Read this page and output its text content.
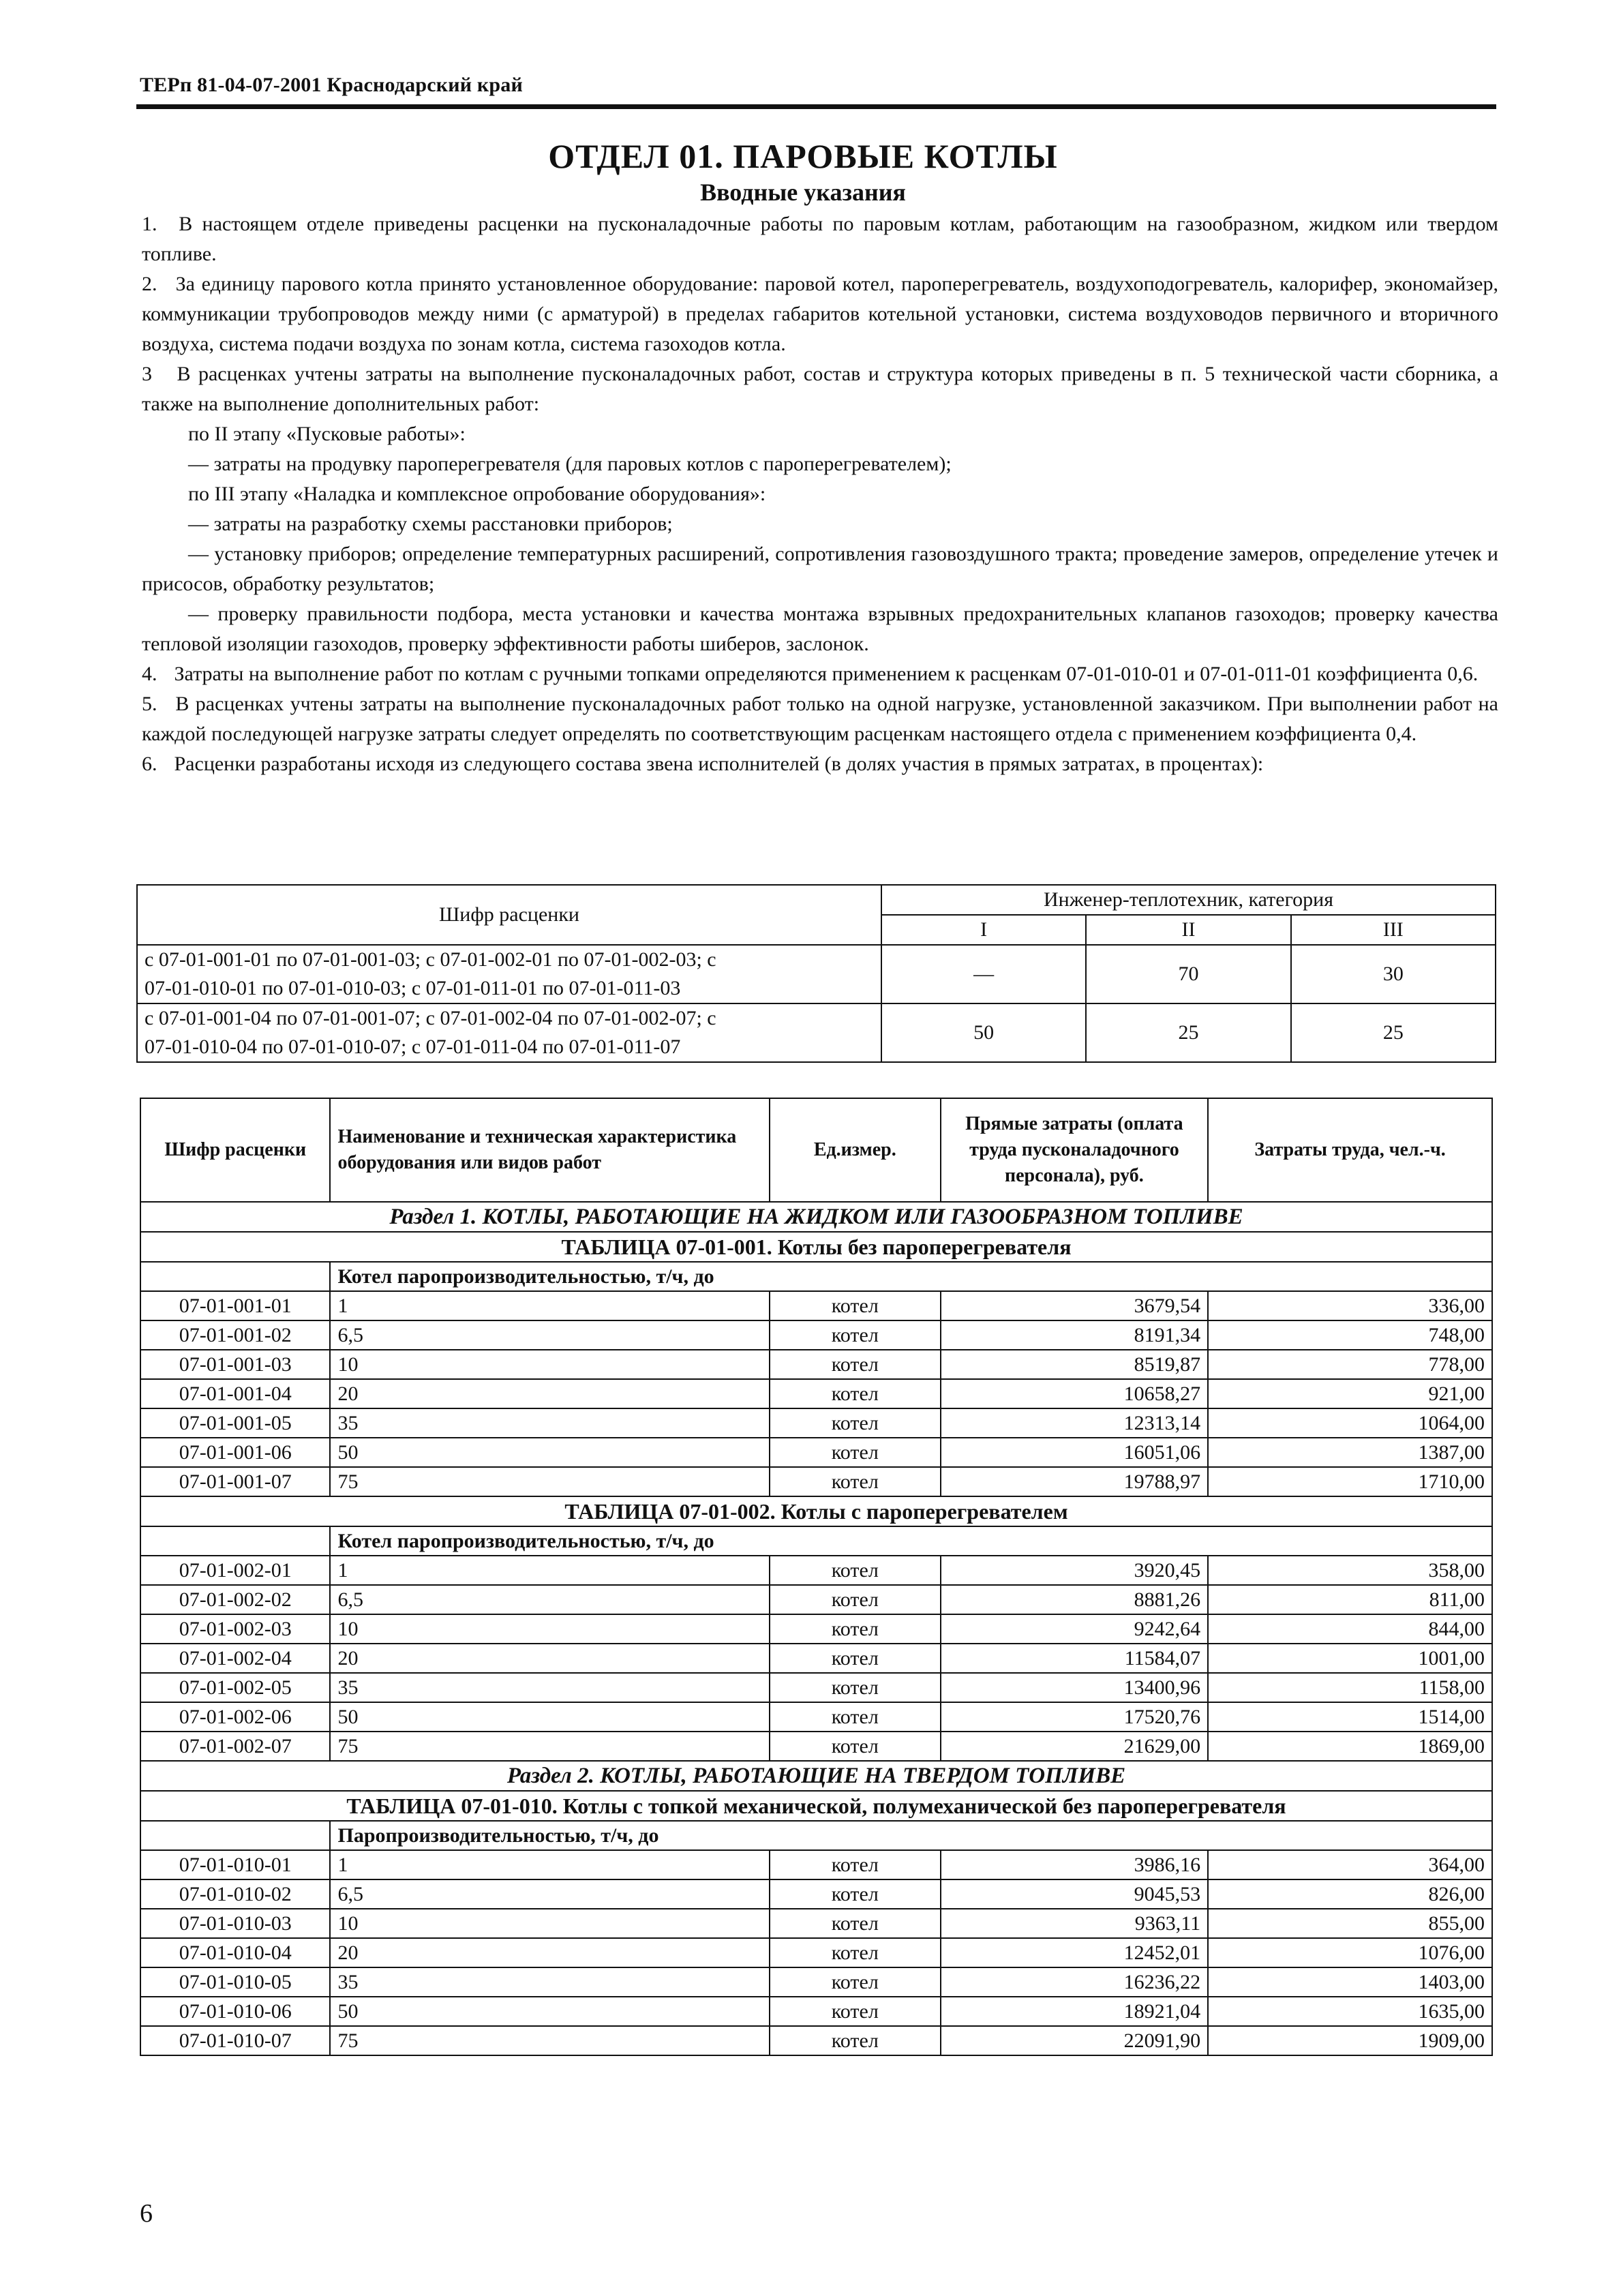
ТЕРп 81-04-07-2001 Краснодарский край
ОТДЕЛ 01. ПАРОВЫЕ КОТЛЫ
Вводные указания

1. В настоящем отделе приведены расценки на пусконаладочные работы по паровым котлам, работающим на газообразном, жидком или твердом топливе.

2. За единицу парового котла принято установленное оборудование: паровой котел, пароперегреватель, воздухоподогреватель, калорифер, экономайзер, коммуникации трубопроводов между ними (с арматурой) в пределах габаритов котельной установки, система воздуховодов первичного и вторичного воздуха, система подачи воздуха по зонам котла, система газоходов котла.

3 В расценках учтены затраты на выполнение пусконаладочных работ, состав и структура которых приведены в п. 5 технической части сборника, а также на выполнение дополнительных работ:

по II этапу «Пусковые работы»:

— затраты на продувку пароперегревателя (для паровых котлов с пароперегревателем);

по III этапу «Наладка и комплексное опробование оборудования»:

— затраты на разработку схемы расстановки приборов;

— установку приборов; определение температурных расширений, сопротивления газовоздушного тракта; проведение замеров, определение утечек и присосов, обработку результатов;

— проверку правильности подбора, места установки и качества монтажа взрывных предохранительных клапанов газоходов; проверку качества тепловой изоляции газоходов, проверку эффективности работы шиберов, заслонок.

4. Затраты на выполнение работ по котлам с ручными топками определяются применением к расценкам 07-01-010-01 и 07-01-011-01 коэффициента 0,6.

5. В расценках учтены затраты на выполнение пусконаладочных работ только на одной нагрузке, установленной заказчиком. При выполнении работ на каждой последующей нагрузке затраты следует определять по соответствующим расценкам настоящего отдела с применением коэффициента 0,4.

6. Расценки разработаны исходя из следующего состава звена исполнителей (в долях участия в прямых затратах, в процентах):

Шифр расценки	Инженер-теплотехник, категория		
	I	II	III
с 07-01-001-01 по 07-01-001-03; с 07-01-002-01 по 07-01-002-03; с
07-01-010-01 по 07-01-010-03; с 07-01-011-01 по 07-01-011-03	—	70	30
с 07-01-001-04 по 07-01-001-07; с 07-01-002-04 по 07-01-002-07; с
07-01-010-04 по 07-01-010-07; с 07-01-011-04 по 07-01-011-07	50	25	25
Шифр расценки	Наименование и техническая характеристика оборудования или видов работ	Ед.измер.	Прямые затраты (оплата труда пусконаладочного персонала), руб.	Затраты труда, чел.-ч.
Раздел 1. КОТЛЫ, РАБОТАЮЩИЕ НА ЖИДКОМ ИЛИ ГАЗООБРАЗНОМ ТОПЛИВЕ				
ТАБЛИЦА 07-01-001. Котлы без пароперегревателя				
	Котел паропроизводительностью, т/ч, до			
07-01-001-01	1	котел	3679,54	336,00
07-01-001-02	6,5	котел	8191,34	748,00
07-01-001-03	10	котел	8519,87	778,00
07-01-001-04	20	котел	10658,27	921,00
07-01-001-05	35	котел	12313,14	1064,00
07-01-001-06	50	котел	16051,06	1387,00
07-01-001-07	75	котел	19788,97	1710,00
ТАБЛИЦА 07-01-002. Котлы с пароперегревателем				
	Котел паропроизводительностью, т/ч, до			
07-01-002-01	1	котел	3920,45	358,00
07-01-002-02	6,5	котел	8881,26	811,00
07-01-002-03	10	котел	9242,64	844,00
07-01-002-04	20	котел	11584,07	1001,00
07-01-002-05	35	котел	13400,96	1158,00
07-01-002-06	50	котел	17520,76	1514,00
07-01-002-07	75	котел	21629,00	1869,00
Раздел 2. КОТЛЫ, РАБОТАЮЩИЕ НА ТВЕРДОМ ТОПЛИВЕ				
ТАБЛИЦА 07-01-010. Котлы с топкой механической, полумеханической без пароперегревателя				
	Паропроизводительностью, т/ч, до			
07-01-010-01	1	котел	3986,16	364,00
07-01-010-02	6,5	котел	9045,53	826,00
07-01-010-03	10	котел	9363,11	855,00
07-01-010-04	20	котел	12452,01	1076,00
07-01-010-05	35	котел	16236,22	1403,00
07-01-010-06	50	котел	18921,04	1635,00
07-01-010-07	75	котел	22091,90	1909,00
6
